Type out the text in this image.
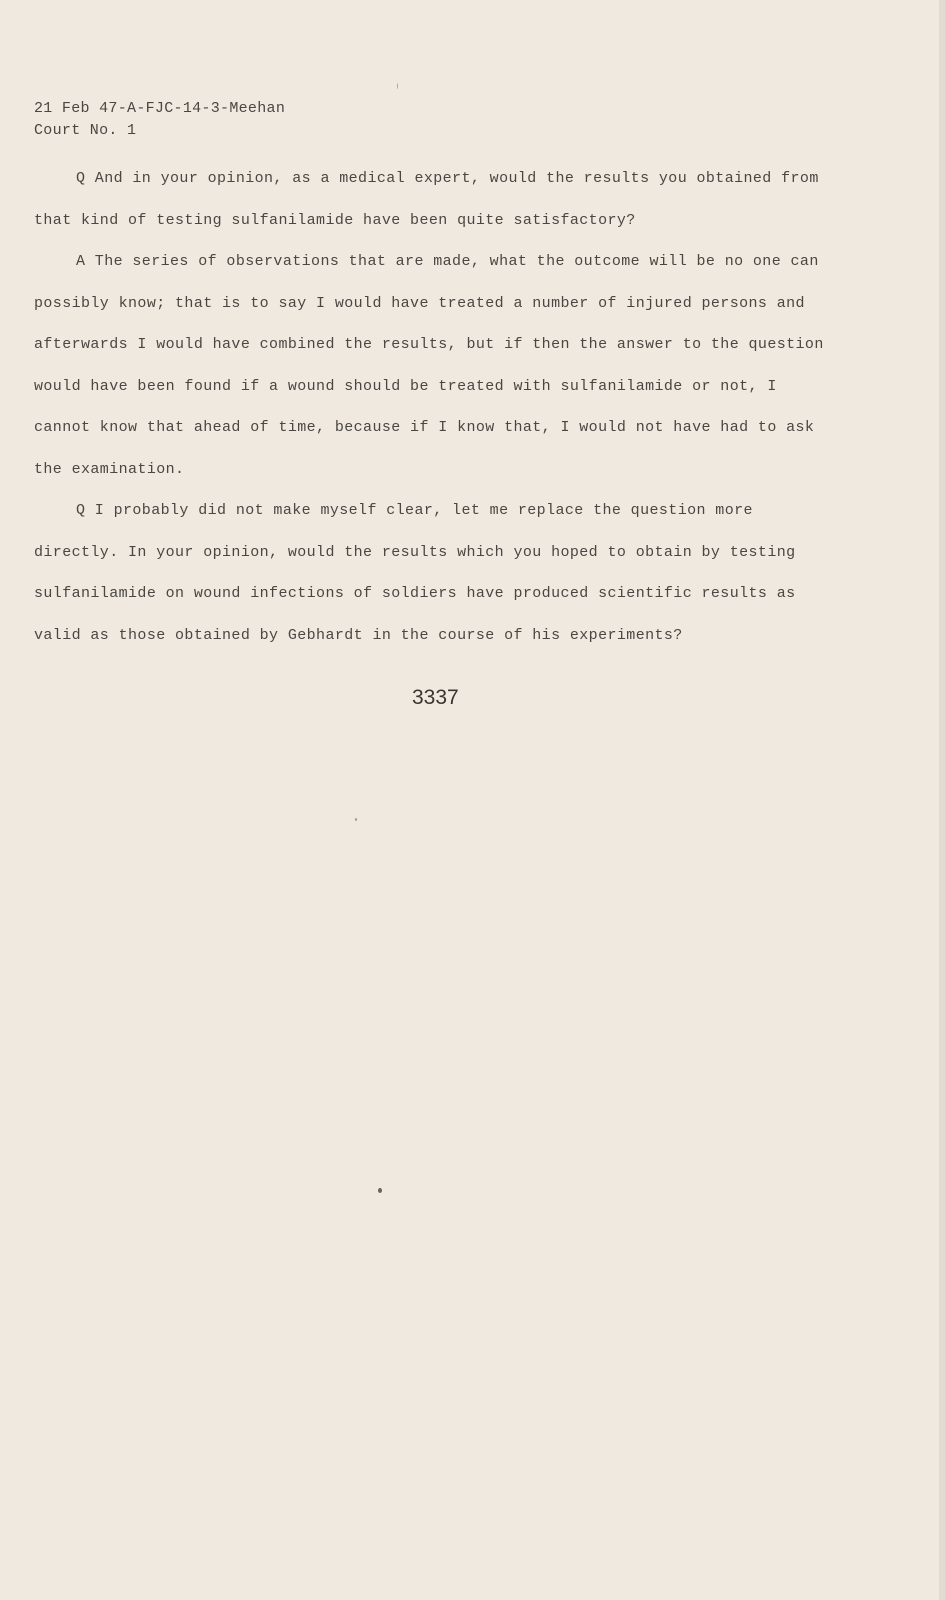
21 Feb 47-A-FJC-14-3-Meehan
Court No. 1

Q And in your opinion, as a medical expert, would the results you obtained from that kind of testing sulfanilamide have been quite satisfactory?

A The series of observations that are made, what the outcome will be no one can possibly know; that is to say I would have treated a number of injured persons and afterwards I would have combined the results, but if then the answer to the question would have been found if a wound should be treated with sulfanilamide or not, I cannot know that ahead of time, because if I know that, I would not have had to ask the examination.

Q I probably did not make myself clear, let me replace the question more directly. In your opinion, would the results which you hoped to obtain by testing sulfanilamide on wound infections of soldiers have produced scientific results as valid as those obtained by Gebhardt in the course of his experiments?

3337
